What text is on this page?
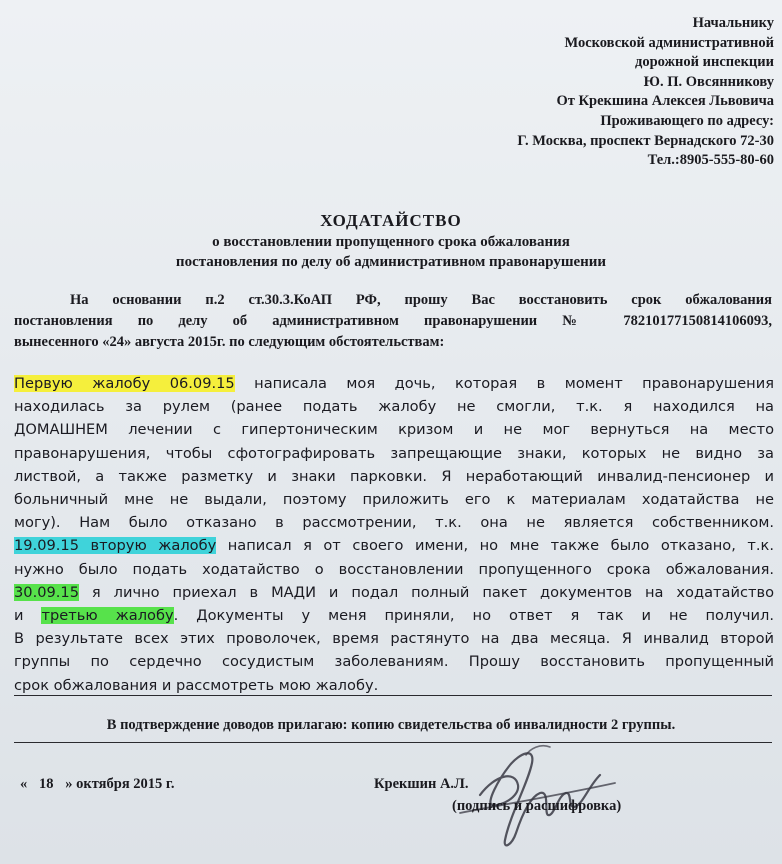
Начальнику
Московской административной
дорожной инспекции
Ю. П. Овсянникову
От Крекшина Алексея Львовича
Проживающего по адресу:
Г. Москва, проспект Вернадского 72-30
Тел.:8905-555-80-60
ХОДАТАЙСТВО
о восстановлении пропущенного срока обжалования
постановления по делу об административном правонарушении
На основании п.2 ст.30.3.КоАП РФ, прошу Вас восстановить срок обжалования
постановления по делу об административном правонарушении № 78210177150814106093,
вынесенного «24» августа 2015г. по следующим обстоятельствам:
Первую жалобу 06.09.15 написала моя дочь, которая в момент правонарушения
находилась за рулем (ранее подать жалобу не смогли, т.к. я находился на
ДОМАШНЕМ лечении с гипертоническим кризом и не мог вернуться на место
правонарушения, чтобы сфотографировать запрещающие знаки, которых не видно за
листвой, а также разметку и знаки парковки. Я неработающий инвалид-пенсионер и
больничный мне не выдали, поэтому приложить его к материалам ходатайства не
могу). Нам было отказано в рассмотрении, т.к. она не является собственником.
19.09.15 вторую жалобу написал я от своего имени, но мне также было отказано, т.к.
нужно было подать ходатайство о восстановлении пропущенного срока обжалования.
30.09.15 я лично приехал в МАДИ и подал полный пакет документов на ходатайство
и третью жалобу. Документы у меня приняли, но ответ я так и не получил.
В результате всех этих проволочек, время растянуто на два месяца. Я инвалид второй
группы по сердечно сосудистым заболеваниям. Прошу восстановить пропущенный
срок обжалования и рассмотреть мою жалобу.
В подтверждение доводов прилагаю: копию свидетельства об инвалидности 2 группы.
« 18 » октября 2015 г.	Крекшин А.Л.
(подпись и расшифровка)
